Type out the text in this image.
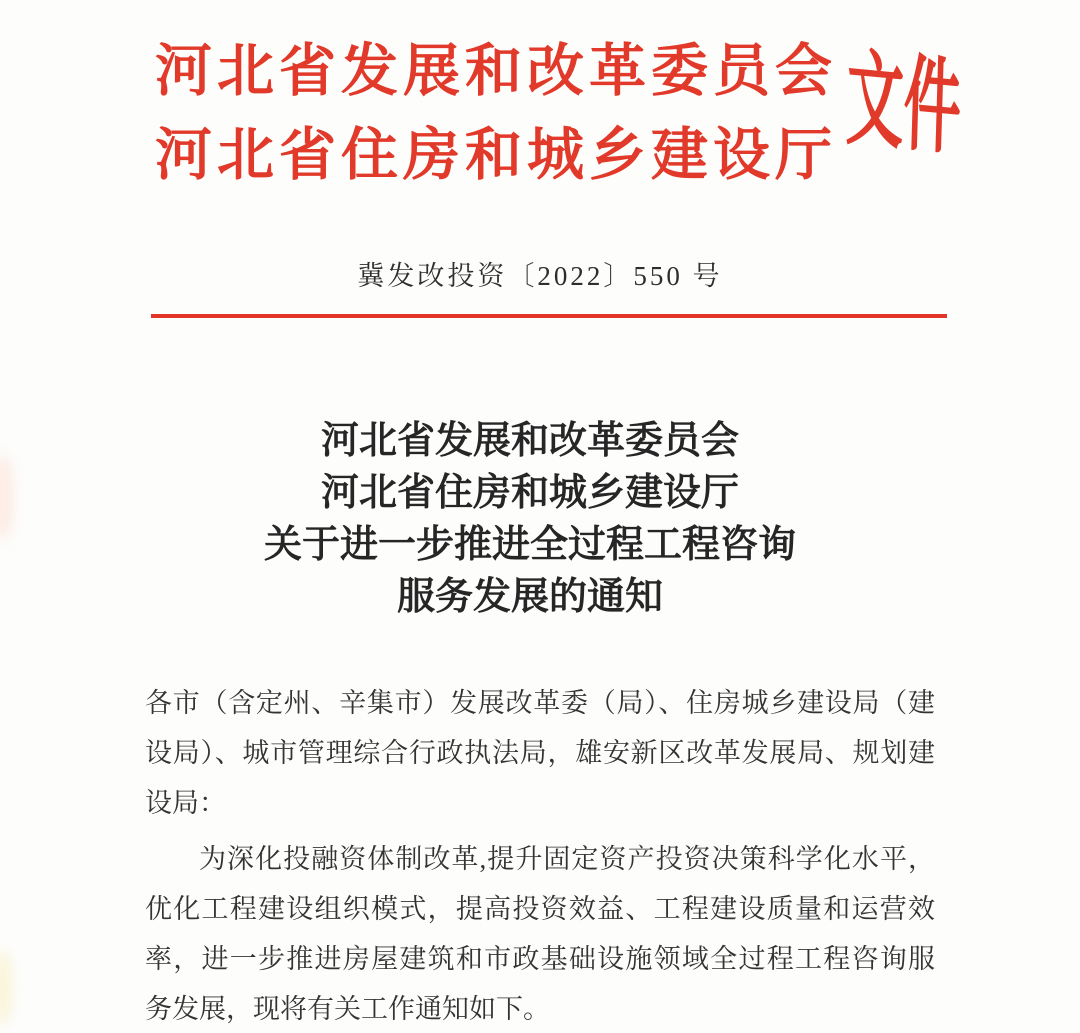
河北省发展和改革委员会
河北省住房和城乡建设厅 文件
冀发改投资〔2022〕550 号
河北省发展和改革委员会
河北省住房和城乡建设厅
关于进一步推进全过程工程咨询
服务发展的通知
各市（含定州、辛集市）发展改革委（局）、住房城乡建设局（建
设局）、城市管理综合行政执法局，雄安新区改革发展局、规划建
设局：
为深化投融资体制改革,提升固定资产投资决策科学化水平，
优化工程建设组织模式，提高投资效益、工程建设质量和运营效
率，进一步推进房屋建筑和市政基础设施领域全过程工程咨询服
务发展，现将有关工作通知如下。
